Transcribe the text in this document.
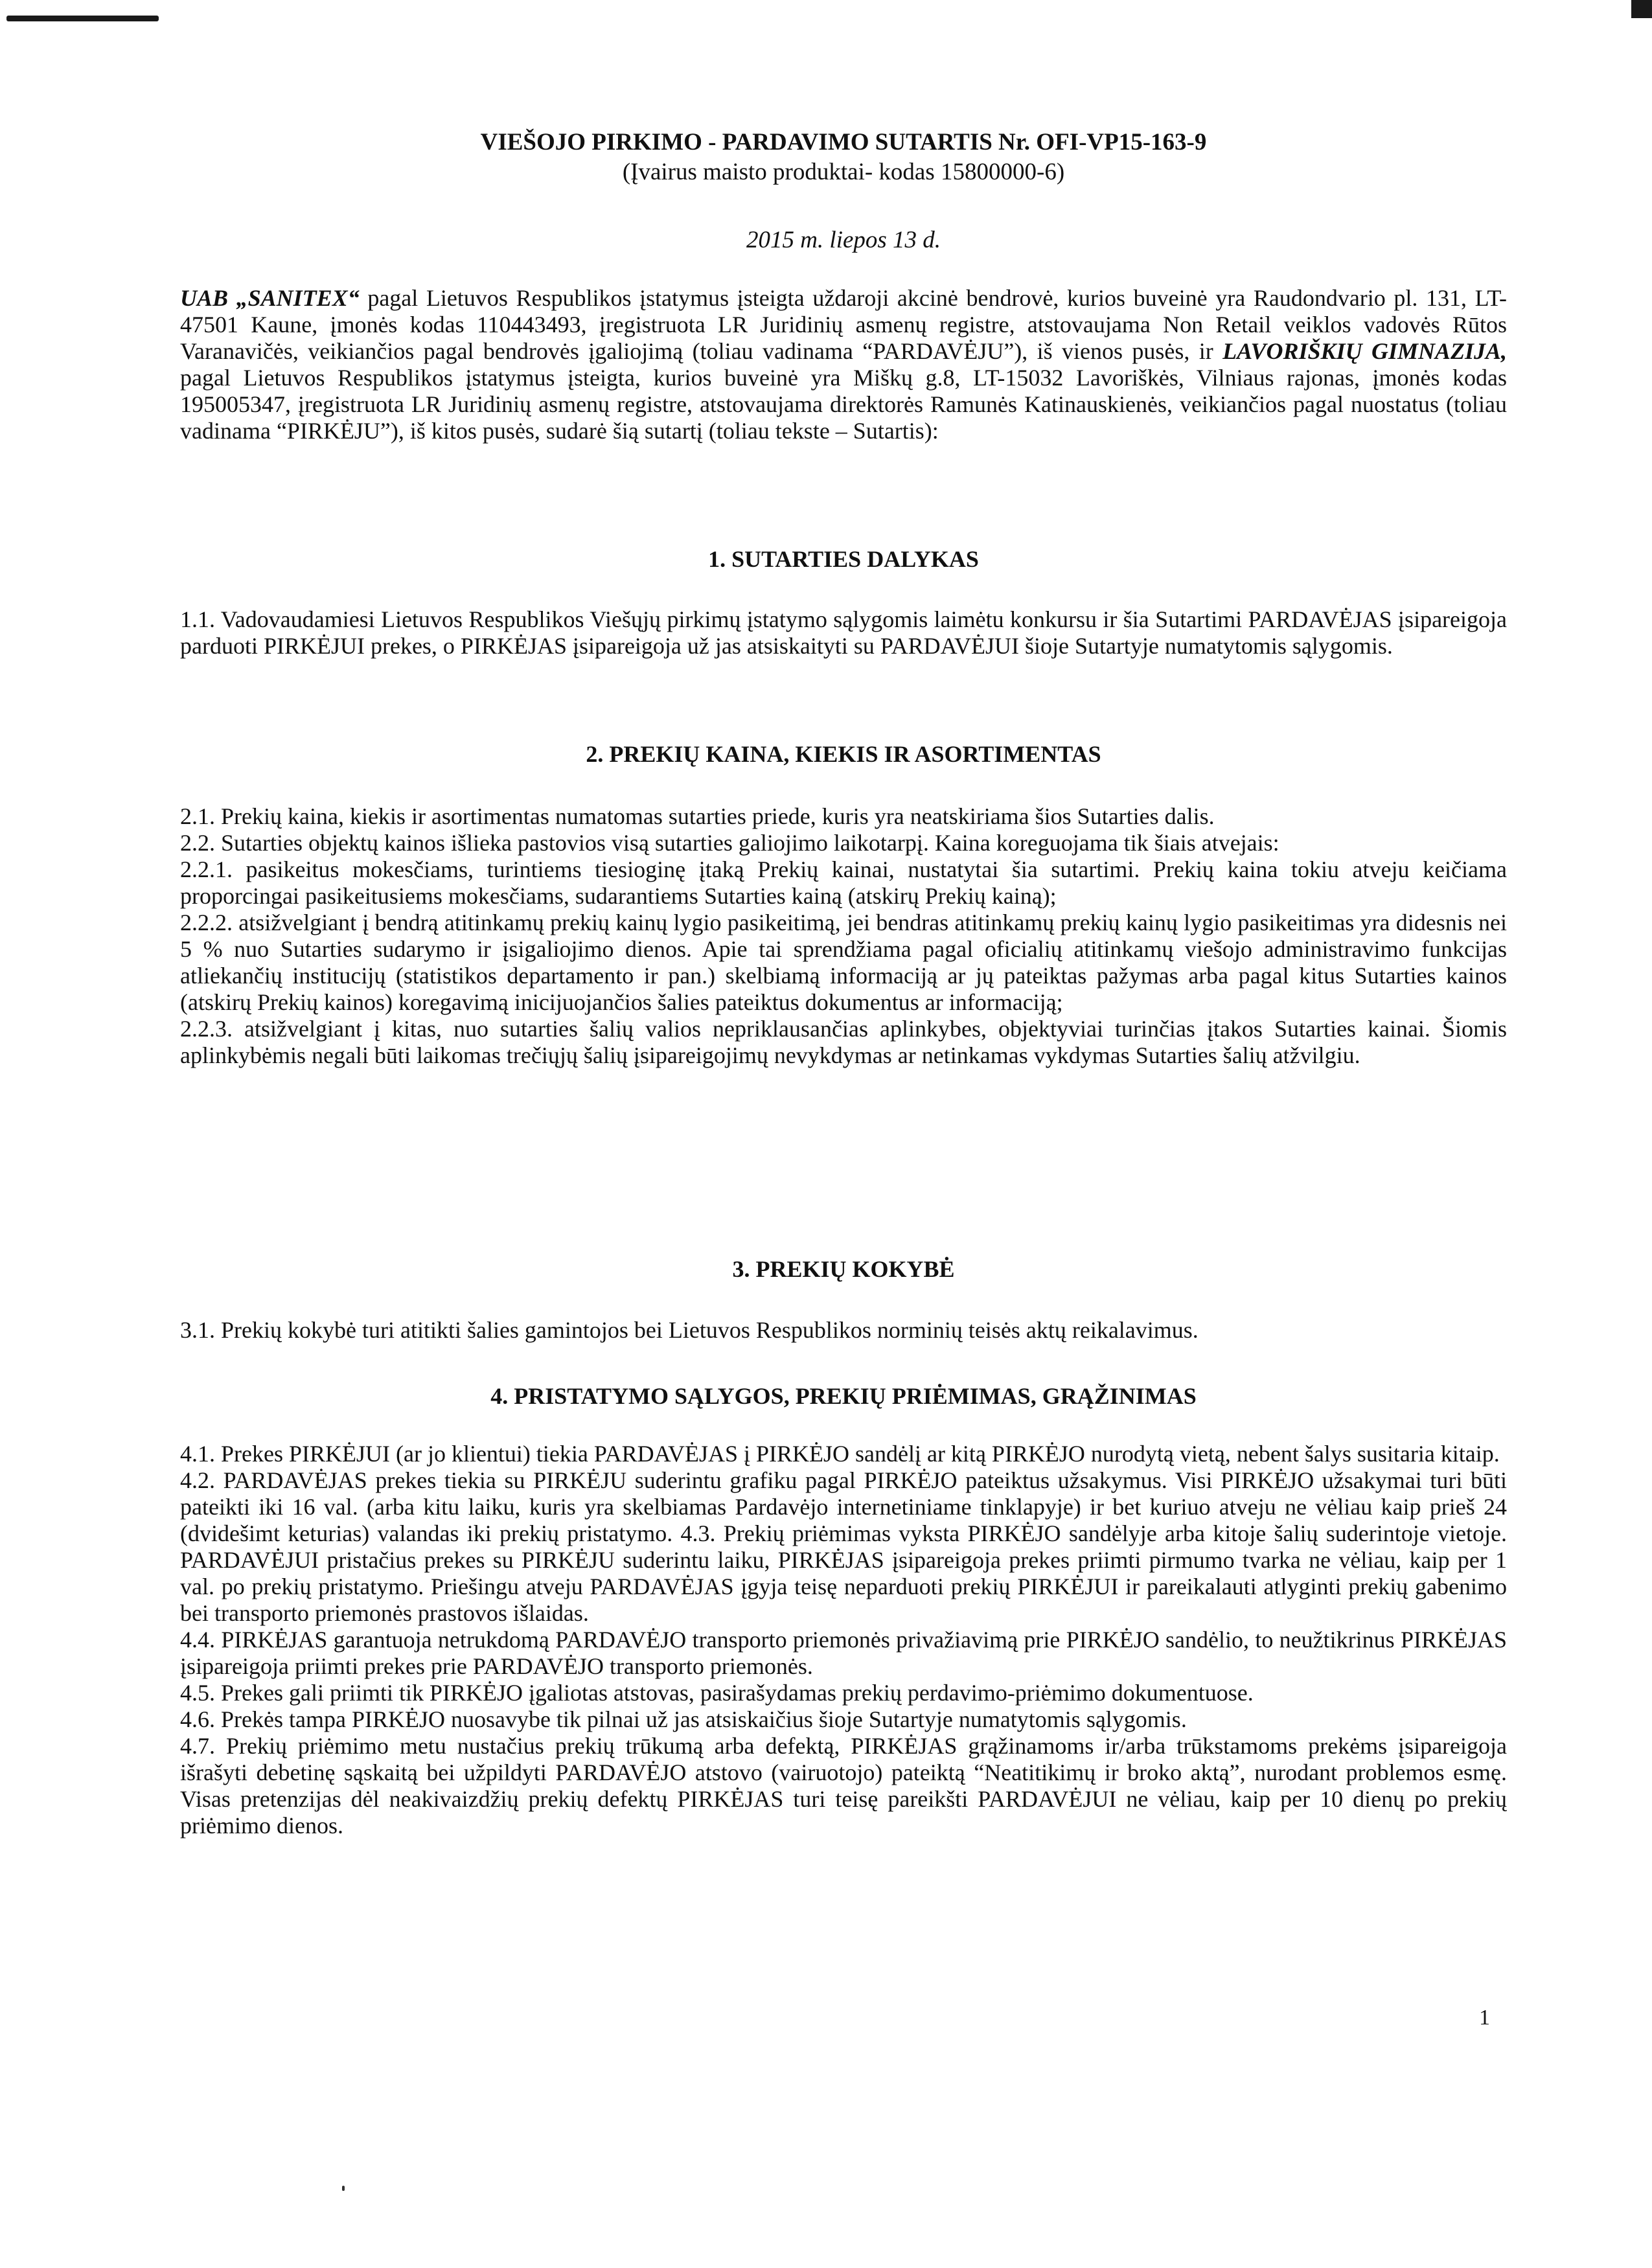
VIEŠOJO PIRKIMO - PARDAVIMO SUTARTIS Nr. OFI-VP15-163-9
(Įvairus maisto produktai- kodas 15800000-6)
2015 m. liepos 13 d.

UAB „SANITEX“ pagal Lietuvos Respublikos įstatymus įsteigta uždaroji akcinė bendrovė, kurios buveinė yra Raudondvario pl. 131, LT-47501 Kaune, įmonės kodas 110443493, įregistruota LR Juridinių asmenų registre, atstovaujama Non Retail veiklos vadovės Rūtos Varanavičės, veikiančios pagal bendrovės įgaliojimą (toliau vadinama “PARDAVĖJU”), iš vienos pusės, ir LAVORIŠKIŲ GIMNAZIJA, pagal Lietuvos Respublikos įstatymus įsteigta, kurios buveinė yra Miškų g.8, LT-15032 Lavoriškės, Vilniaus rajonas, įmonės kodas 195005347, įregistruota LR Juridinių asmenų registre, atstovaujama direktorės Ramunės Katinauskienės, veikiančios pagal nuostatus (toliau vadinama “PIRKĖJU”), iš kitos pusės, sudarė šią sutartį (toliau tekste – Sutartis):

1. SUTARTIES DALYKAS

1.1. Vadovaudamiesi Lietuvos Respublikos Viešųjų pirkimų įstatymo sąlygomis laimėtu konkursu ir šia Sutartimi PARDAVĖJAS įsipareigoja parduoti PIRKĖJUI prekes, o PIRKĖJAS įsipareigoja už jas atsiskaityti su PARDAVĖJUI šioje Sutartyje numatytomis sąlygomis.

2. PREKIŲ KAINA, KIEKIS IR ASORTIMENTAS

2.1. Prekių kaina, kiekis ir asortimentas numatomas sutarties priede, kuris yra neatskiriama šios Sutarties dalis.

2.2. Sutarties objektų kainos išlieka pastovios visą sutarties galiojimo laikotarpį. Kaina koreguojama tik šiais atvejais:

2.2.1. pasikeitus mokesčiams, turintiems tiesioginę įtaką Prekių kainai, nustatytai šia sutartimi. Prekių kaina tokiu atveju keičiama proporcingai pasikeitusiems mokesčiams, sudarantiems Sutarties kainą (atskirų Prekių kainą);

2.2.2. atsižvelgiant į bendrą atitinkamų prekių kainų lygio pasikeitimą, jei bendras atitinkamų prekių kainų lygio pasikeitimas yra didesnis nei 5 % nuo Sutarties sudarymo ir įsigaliojimo dienos. Apie tai sprendžiama pagal oficialių atitinkamų viešojo administravimo funkcijas atliekančių institucijų (statistikos departamento ir pan.) skelbiamą informaciją ar jų pateiktas pažymas arba pagal kitus Sutarties kainos (atskirų Prekių kainos) koregavimą inicijuojančios šalies pateiktus dokumentus ar informaciją;

2.2.3. atsižvelgiant į kitas, nuo sutarties šalių valios nepriklausančias aplinkybes, objektyviai turinčias įtakos Sutarties kainai. Šiomis aplinkybėmis negali būti laikomas trečiųjų šalių įsipareigojimų nevykdymas ar netinkamas vykdymas Sutarties šalių atžvilgiu.

3. PREKIŲ KOKYBĖ

3.1. Prekių kokybė turi atitikti šalies gamintojos bei Lietuvos Respublikos norminių teisės aktų reikalavimus.

4. PRISTATYMO SĄLYGOS, PREKIŲ PRIĖMIMAS, GRĄŽINIMAS

4.1. Prekes PIRKĖJUI (ar jo klientui) tiekia PARDAVĖJAS į PIRKĖJO sandėlį ar kitą PIRKĖJO nurodytą vietą, nebent šalys susitaria kitaip.

4.2. PARDAVĖJAS prekes tiekia su PIRKĖJU suderintu grafiku pagal PIRKĖJO pateiktus užsakymus. Visi PIRKĖJO užsakymai turi būti pateikti iki 16 val. (arba kitu laiku, kuris yra skelbiamas Pardavėjo internetiniame tinklapyje) ir bet kuriuo atveju ne vėliau kaip prieš 24 (dvidešimt keturias) valandas iki prekių pristatymo. 4.3. Prekių priėmimas vyksta PIRKĖJO sandėlyje arba kitoje šalių suderintoje vietoje. PARDAVĖJUI pristačius prekes su PIRKĖJU suderintu laiku, PIRKĖJAS įsipareigoja prekes priimti pirmumo tvarka ne vėliau, kaip per 1 val. po prekių pristatymo. Priešingu atveju PARDAVĖJAS įgyja teisę neparduoti prekių PIRKĖJUI ir pareikalauti atlyginti prekių gabenimo bei transporto priemonės prastovos išlaidas.

4.4. PIRKĖJAS garantuoja netrukdomą PARDAVĖJO transporto priemonės privažiavimą prie PIRKĖJO sandėlio, to neužtikrinus PIRKĖJAS įsipareigoja priimti prekes prie PARDAVĖJO transporto priemonės.

4.5. Prekes gali priimti tik PIRKĖJO įgaliotas atstovas, pasirašydamas prekių perdavimo-priėmimo dokumentuose.

4.6. Prekės tampa PIRKĖJO nuosavybe tik pilnai už jas atsiskaičius šioje Sutartyje numatytomis sąlygomis.

4.7. Prekių priėmimo metu nustačius prekių trūkumą arba defektą, PIRKĖJAS grąžinamoms ir/arba trūkstamoms prekėms įsipareigoja išrašyti debetinę sąskaitą bei užpildyti PARDAVĖJO atstovo (vairuotojo) pateiktą “Neatitikimų ir broko aktą”, nurodant problemos esmę. Visas pretenzijas dėl neakivaizdžių prekių defektų PIRKĖJAS turi teisę pareikšti PARDAVĖJUI ne vėliau, kaip per 10 dienų po prekių priėmimo dienos.

1
